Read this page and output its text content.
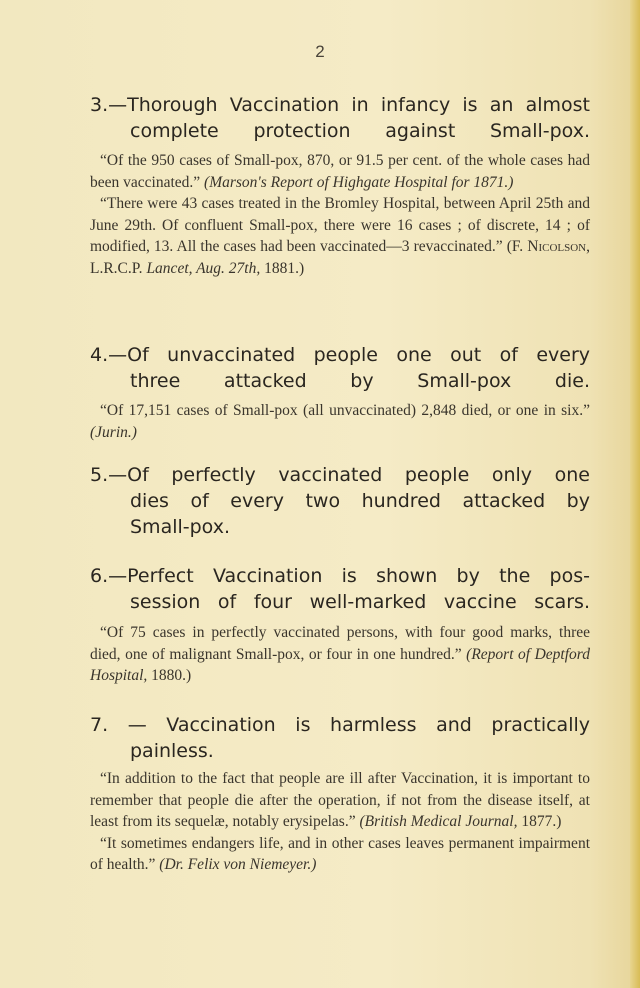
2
3.—Thorough Vaccination in infancy is an almost
complete protection against Small-pox.

“Of the 950 cases of Small-pox, 870, or 91.5 per cent. of the whole cases had been vaccinated.” (Marson's Report of Highgate Hospital for 1871.)

“There were 43 cases treated in the Bromley Hospital, between April 25th and June 29th. Of confluent Small-pox, there were 16 cases ; of discrete, 14 ; of modified, 13. All the cases had been vaccinated—3 revaccinated.” (F. Nicolson, L.R.C.P. Lancet, Aug. 27th, 1881.)

4.—Of unvaccinated people one out of every
three attacked by Small-pox die.

“Of 17,151 cases of Small-pox (all unvaccinated) 2,848 died, or one in six.” (Jurin.)

5.—Of perfectly vaccinated people only one
dies of every two hundred attacked by
Small-pox.
6.—Perfect Vaccination is shown by the pos-
session of four well-marked vaccine scars.

“Of 75 cases in perfectly vaccinated persons, with four good marks, three died, one of malignant Small-pox, or four in one hundred.” (Report of Deptford Hospital, 1880.)

7. — Vaccination is harmless and practically
painless.

“In addition to the fact that people are ill after Vaccination, it is important to remember that people die after the operation, if not from the disease itself, at least from its sequelæ, notably erysipelas.” (British Medical Journal, 1877.)

“It sometimes endangers life, and in other cases leaves permanent impairment of health.” (Dr. Felix von Niemeyer.)
